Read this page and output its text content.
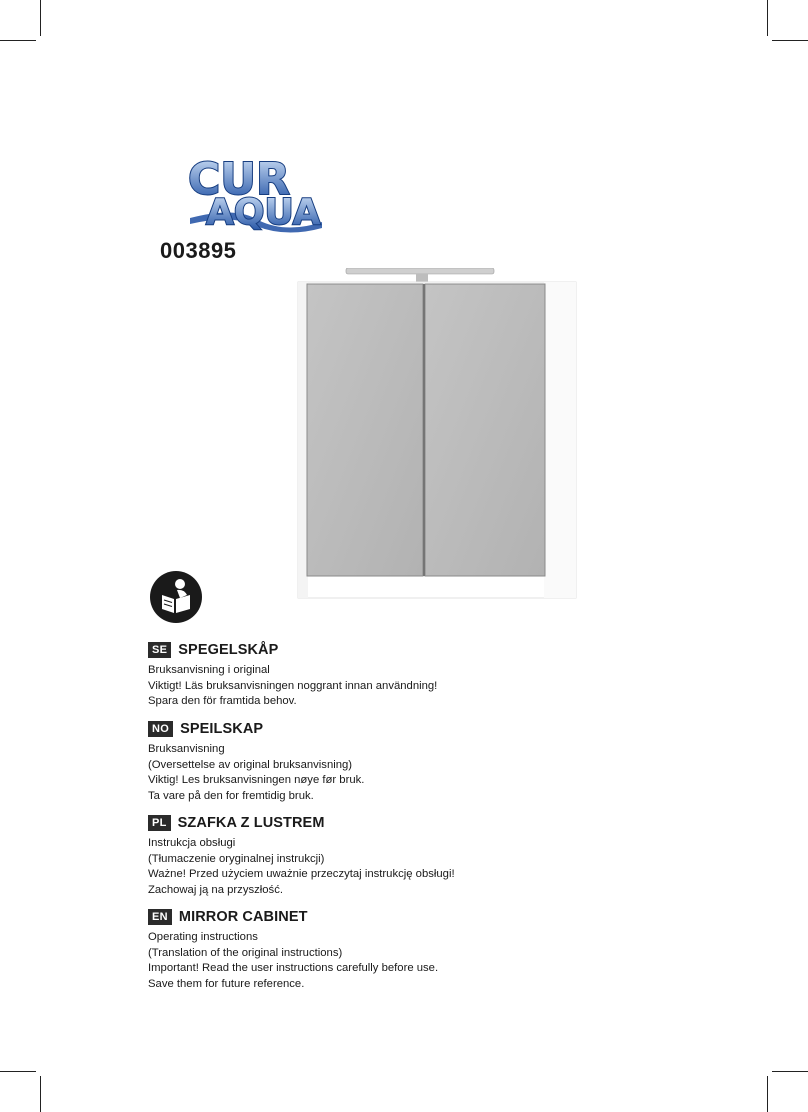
CUR
AQUA
003895
SE SPEGELSKÅP
Bruksanvisning i original
Viktigt! Läs bruksanvisningen noggrant innan användning!
Spara den för framtida behov.
NO SPEILSKAP
Bruksanvisning
(Oversettelse av original bruksanvisning)
Viktig! Les bruksanvisningen nøye før bruk.
Ta vare på den for fremtidig bruk.
PL SZAFKA Z LUSTREM
Instrukcja obsługi
(Tłumaczenie oryginalnej instrukcji)
Ważne! Przed użyciem uważnie przeczytaj instrukcję obsługi!
Zachowaj ją na przyszłość.
EN MIRROR CABINET
Operating instructions
(Translation of the original instructions)
Important! Read the user instructions carefully before use.
Save them for future reference.
